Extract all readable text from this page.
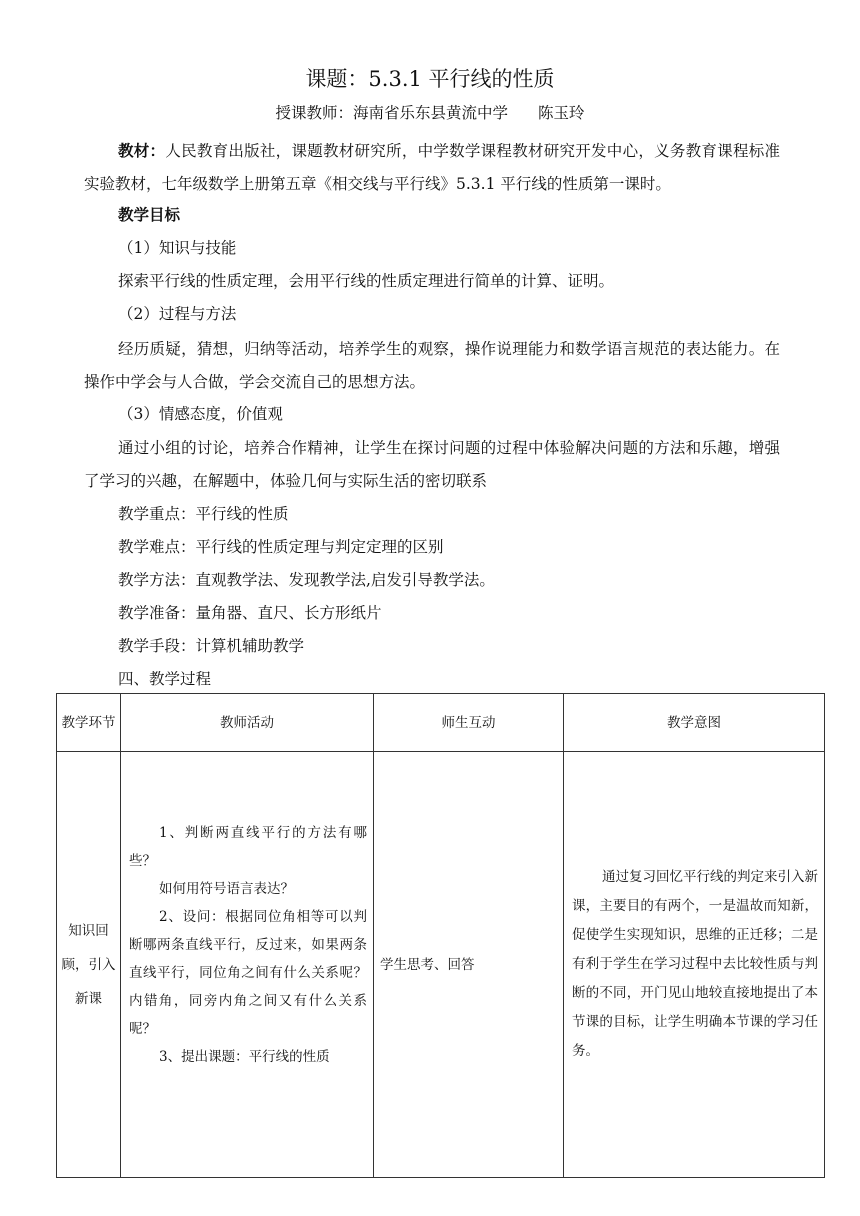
课题：5.3.1 平行线的性质
授课教师：海南省乐东县黄流中学 陈玉玲
教材：人民教育出版社，课题教材研究所，中学数学课程教材研究开发中心，义务教育课程标准实验教材，七年级数学上册第五章《相交线与平行线》5.3.1 平行线的性质第一课时。
教学目标
（1）知识与技能
探索平行线的性质定理，会用平行线的性质定理进行简单的计算、证明。
（2）过程与方法
经历质疑，猜想，归纳等活动，培养学生的观察，操作说理能力和数学语言规范的表达能力。在操作中学会与人合做，学会交流自己的思想方法。
（3）情感态度，价值观
通过小组的讨论，培养合作精神，让学生在探讨问题的过程中体验解决问题的方法和乐趣，增强了学习的兴趣，在解题中，体验几何与实际生活的密切联系
教学重点：平行线的性质
教学难点：平行线的性质定理与判定定理的区别
教学方法：直观教学法、发现教学法,启发引导教学法。
教学准备：量角器、直尺、长方形纸片
教学手段：计算机辅助教学
四、教学过程
教学环节	教师活动	师生互动	教学意图
知识回顾，引入新课	1、判断两直线平行的方法有哪些？

如何用符号语言表达？

2、设问：根据同位角相等可以判断哪两条直线平行，反过来，如果两条直线平行，同位角之间有什么关系呢？内错角，同旁内角之间又有什么关系呢？

3、提出课题：平行线的性质	学生思考、回答	通过复习回忆平行线的判定来引入新课，主要目的有两个，一是温故而知新，促使学生实现知识，思维的正迁移；二是有利于学生在学习过程中去比较性质与判断的不同，开门见山地较直接地提出了本节课的目标，让学生明确本节课的学习任务。
